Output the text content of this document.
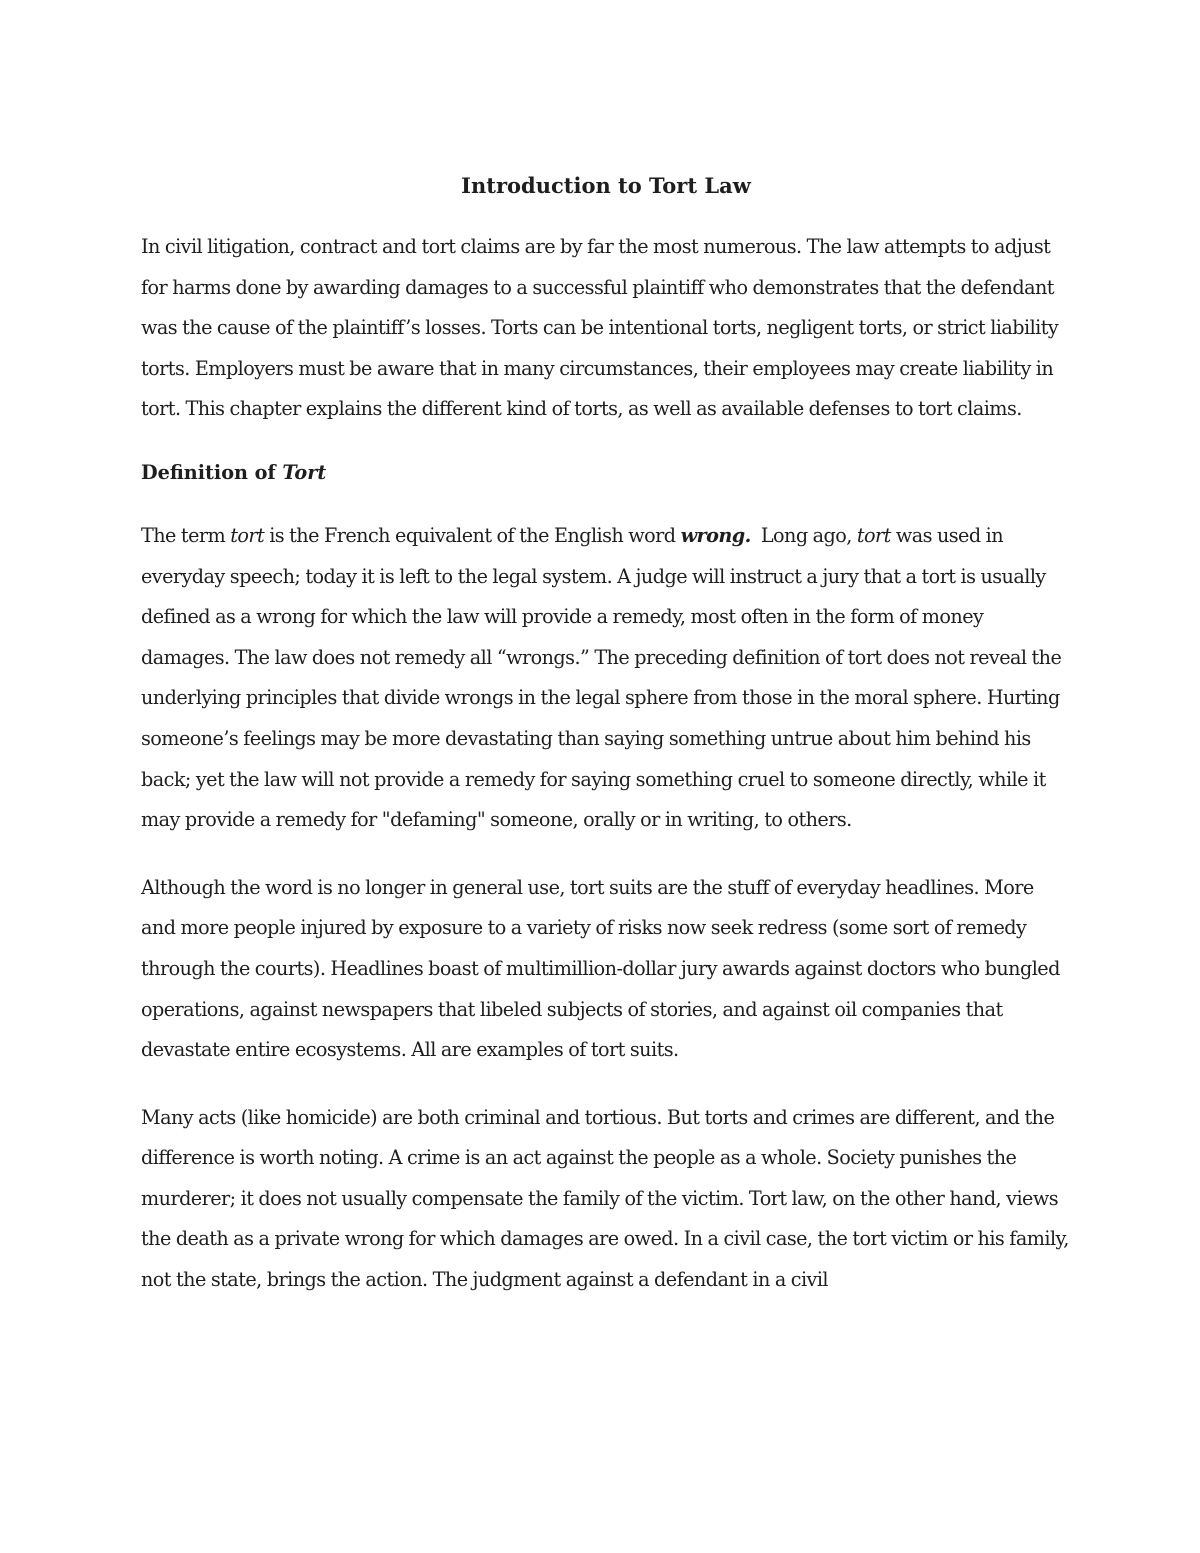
Introduction to Tort Law

In civil litigation, contract and tort claims are by far the most numerous. The law attempts to adjust for harms done by awarding damages to a successful plaintiff who demonstrates that the defendant was the cause of the plaintiff’s losses. Torts can be intentional torts, negligent torts, or strict liability torts. Employers must be aware that in many circumstances, their employees may create liability in tort. This chapter explains the different kind of torts, as well as available defenses to tort claims.

Definition of Tort

The term tort is the French equivalent of the English word wrong.  Long ago, tort was used in everyday speech; today it is left to the legal system. A judge will instruct a jury that a tort is usually defined as a wrong for which the law will provide a remedy, most often in the form of money damages. The law does not remedy all “wrongs.” The preceding definition of tort does not reveal the underlying principles that divide wrongs in the legal sphere from those in the moral sphere. Hurting someone’s feelings may be more devastating than saying something untrue about him behind his back; yet the law will not provide a remedy for saying something cruel to someone directly, while it may provide a remedy for "defaming" someone, orally or in writing, to others.

Although the word is no longer in general use, tort suits are the stuff of everyday headlines. More and more people injured by exposure to a variety of risks now seek redress (some sort of remedy through the courts). Headlines boast of multimillion-dollar jury awards against doctors who bungled operations, against newspapers that libeled subjects of stories, and against oil companies that devastate entire ecosystems. All are examples of tort suits.

Many acts (like homicide) are both criminal and tortious. But torts and crimes are different, and the difference is worth noting. A crime is an act against the people as a whole. Society punishes the murderer; it does not usually compensate the family of the victim. Tort law, on the other hand, views the death as a private wrong for which damages are owed. In a civil case, the tort victim or his family, not the state, brings the action. The judgment against a defendant in a civil
